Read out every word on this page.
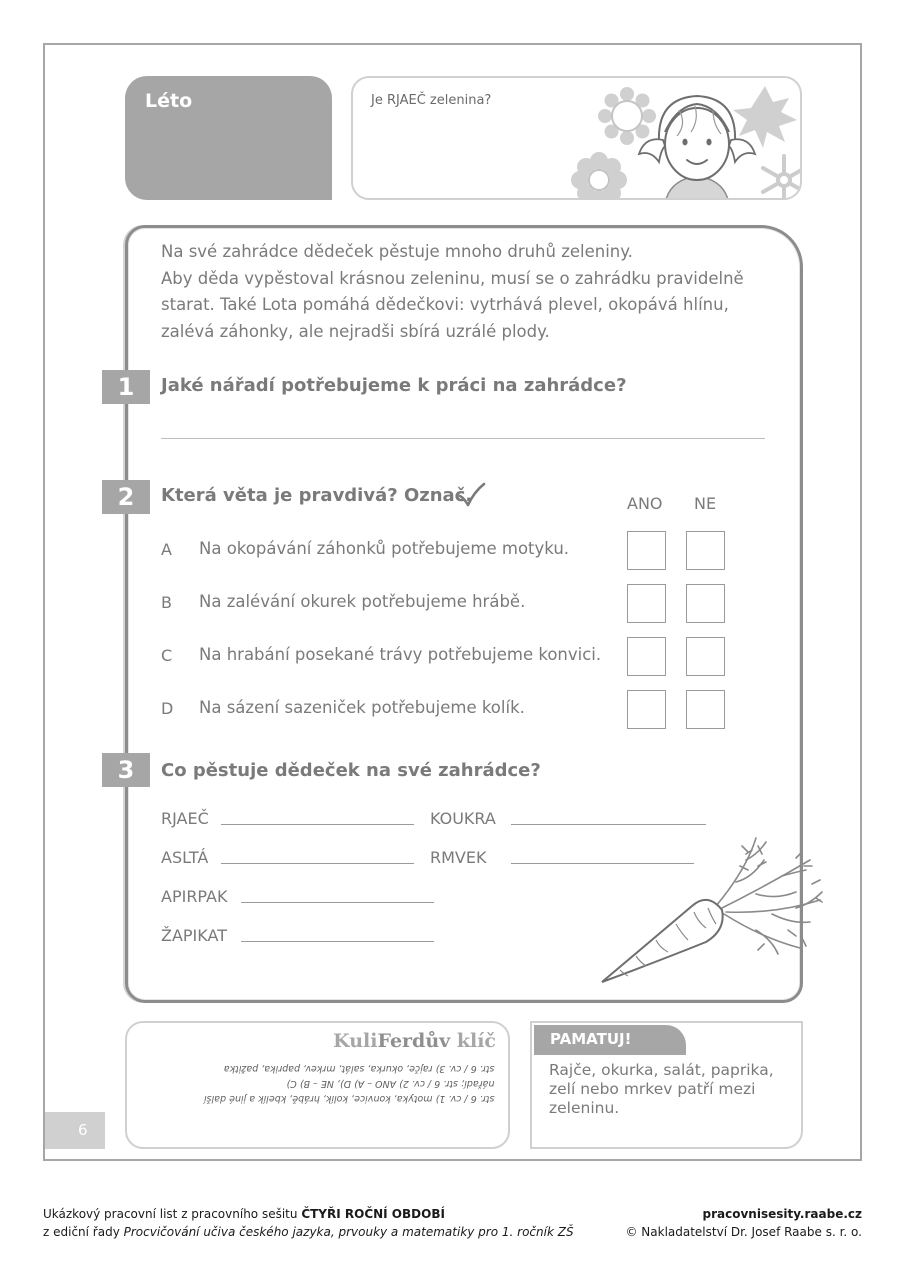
Léto	Je RJAEČ zelenina?
Na své zahrádce dědeček pěstuje mnoho druhů zeleniny.
Aby děda vypěstoval krásnou zeleninu, musí se o zahrádku pravidelně
starat. Také Lota pomáhá dědečkovi: vytrhává plevel, okopává hlínu,
zalévá záhonky, ale nejradši sbírá uzrálé plody.
1	Jaké nářadí potřebujeme k práci na zahrádce?
2	Která věta je pravdivá? Označ.	ANO NE
A Na okopávání záhonků potřebujeme motyku.
B Na zalévání okurek potřebujeme hrábě.
C Na hrabání posekané trávy potřebujeme konvici.
D Na sázení sazeniček potřebujeme kolík.
3	Co pěstuje dědeček na své zahrádce?
RJAEČ	KOUKRA
ASLTÁ	RMVEK
APIRPAK
ŽAPIKAT
KuliFerdův klíč
str. 6 / cv. 1) motyka, konvice, kolík, hrábě, kbelík a jiné další
nářadí; str. 6 / cv. 2) ANO – A) D), NE – B) C)
str. 6 / cv. 3) rajče, okurka, salát, mrkev, paprika, pažitka
PAMATUJ!
Rajče, okurka, salát, paprika, zelí nebo mrkev patří mezi zeleninu.
6
Ukázkový pracovní list z pracovního sešitu ČTYŘI ROČNÍ OBDOBÍ
z ediční řady Procvičování učiva českého jazyka, prvouky a matematiky pro 1. ročník ZŠ
pracovnisesity.raabe.cz
© Nakladatelství Dr. Josef Raabe s. r. o.
